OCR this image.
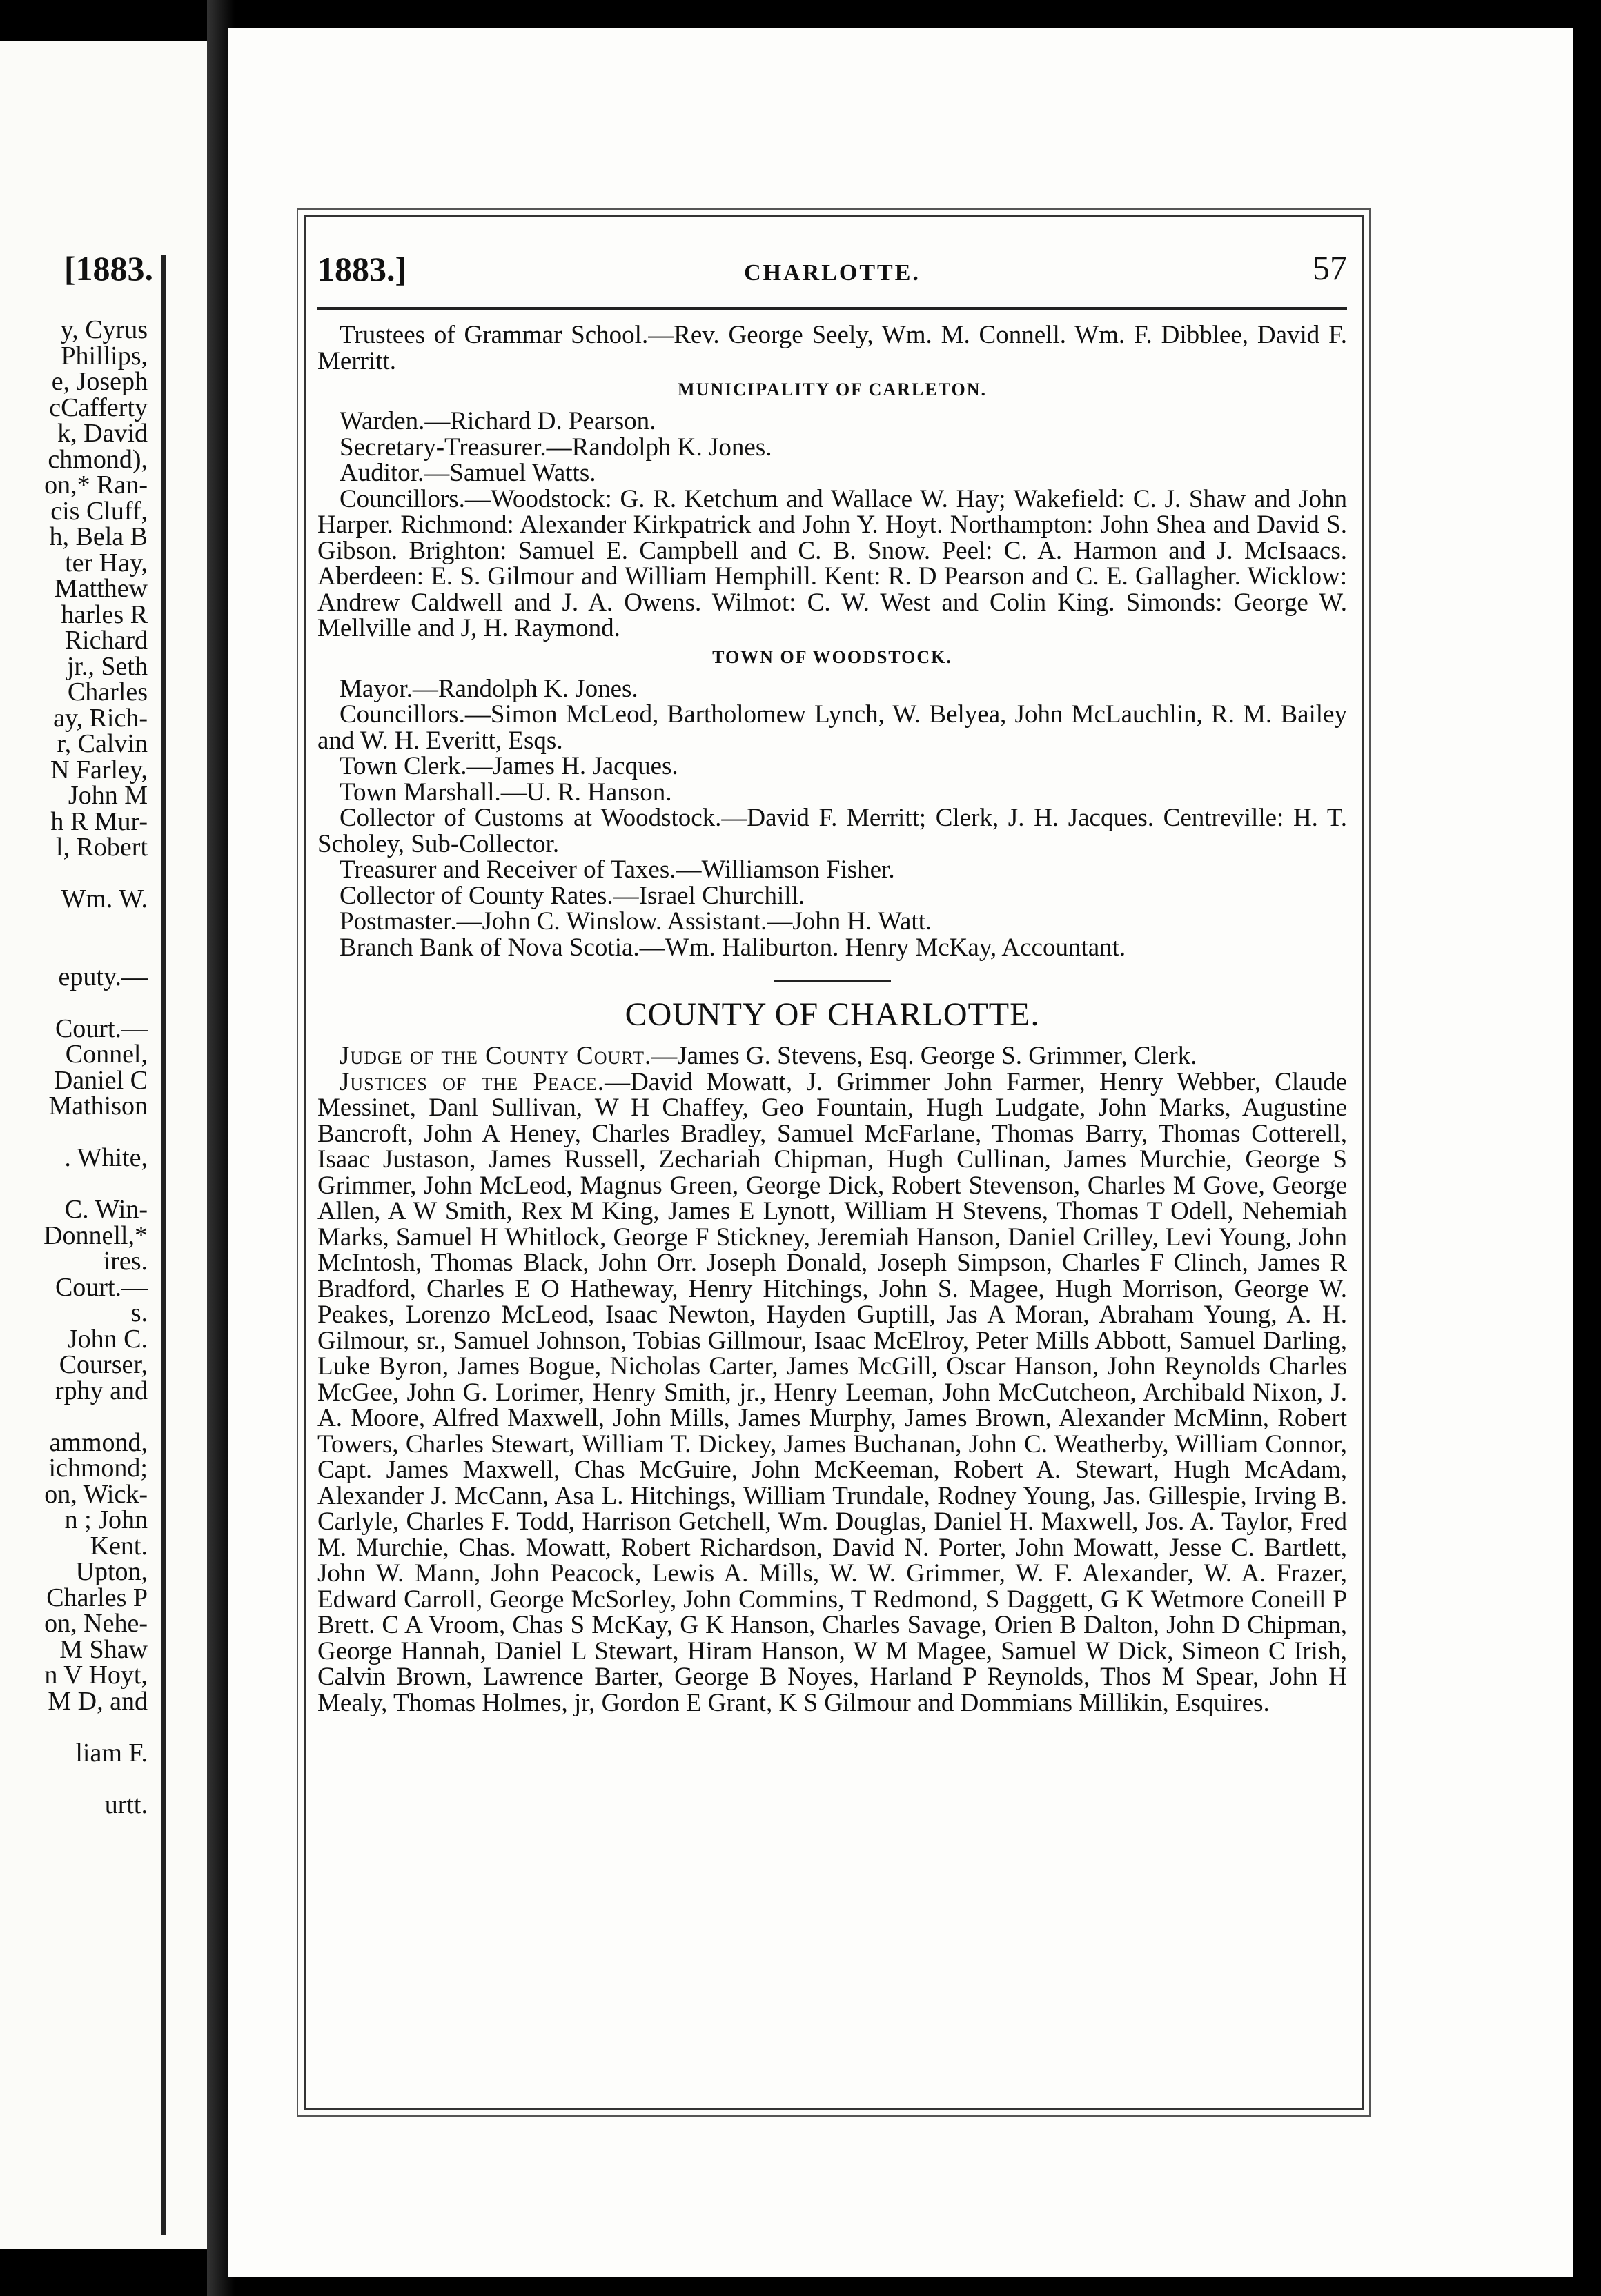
[1883.
y, Cyrus
Phillips,
e, Joseph
cCafferty
k, David
chmond),
on,* Ran-
cis Cluff,
h, Bela B
ter Hay,
Matthew
harles R
Richard
jr., Seth
Charles
ay, Rich-
r, Calvin
N Farley,
John M
h R Mur-
l, Robert
Wm. W.
eputy.—
Court.—
Connel,
Daniel C
Mathison
. White,
C. Win-
Donnell,*
ires.
Court.—
s.
John C.
Courser,
rphy and
ammond,
ichmond;
on, Wick-
n ; John
Kent.
Upton,
Charles P
on, Nehe-
M Shaw
n V Hoyt,
M D, and
liam F.
urtt.
1883.]	CHARLOTTE.	57

Trustees of Grammar School.—Rev. George Seely, Wm. M. Connell. Wm. F. Dibblee, David F. Merritt.

MUNICIPALITY OF CARLETON.

Warden.—Richard D. Pearson.

Secretary-Treasurer.—Randolph K. Jones.

Auditor.—Samuel Watts.

Councillors.—Woodstock: G. R. Ketchum and Wallace W. Hay; Wakefield: C. J. Shaw and John Harper. Richmond: Alexander Kirkpatrick and John Y. Hoyt. Northampton: John Shea and David S. Gibson. Brighton: Samuel E. Campbell and C. B. Snow. Peel: C. A. Harmon and J. McIsaacs. Aberdeen: E. S. Gilmour and William Hemphill. Kent: R. D Pearson and C. E. Gallagher. Wicklow: Andrew Caldwell and J. A. Owens. Wilmot: C. W. West and Colin King. Simonds: George W. Mellville and J, H. Raymond.

TOWN OF WOODSTOCK.

Mayor.—Randolph K. Jones.

Councillors.—Simon McLeod, Bartholomew Lynch, W. Belyea, John McLauchlin, R. M. Bailey and W. H. Everitt, Esqs.

Town Clerk.—James H. Jacques.

Town Marshall.—U. R. Hanson.

Collector of Customs at Woodstock.—David F. Merritt; Clerk, J. H. Jacques. Centreville: H. T. Scholey, Sub-Collector.

Treasurer and Receiver of Taxes.—Williamson Fisher.

Collector of County Rates.—Israel Churchill.

Postmaster.—John C. Winslow. Assistant.—John H. Watt.

Branch Bank of Nova Scotia.—Wm. Haliburton. Henry McKay, Accountant.

COUNTY OF CHARLOTTE.

Judge of the County Court.—James G. Stevens, Esq. George S. Grimmer, Clerk.

Justices of the Peace.—David Mowatt, J. Grimmer John Farmer, Henry Webber, Claude Messinet, Danl Sullivan, W H Chaffey, Geo Fountain, Hugh Ludgate, John Marks, Augustine Bancroft, John A Heney, Charles Bradley, Samuel McFarlane, Thomas Barry, Thomas Cotterell, Isaac Justason, James Russell, Zechariah Chipman, Hugh Cullinan, James Murchie, George S Grimmer, John McLeod, Magnus Green, George Dick, Robert Stevenson, Charles M Gove, George Allen, A W Smith, Rex M King, James E Lynott, William H Stevens, Thomas T Odell, Nehemiah Marks, Samuel H Whitlock, George F Stickney, Jeremiah Hanson, Daniel Crilley, Levi Young, John McIntosh, Thomas Black, John Orr. Joseph Donald, Joseph Simpson, Charles F Clinch, James R Bradford, Charles E O Hatheway, Henry Hitchings, John S. Magee, Hugh Morrison, George W. Peakes, Lorenzo McLeod, Isaac Newton, Hayden Guptill, Jas A Moran, Abraham Young, A. H. Gilmour, sr., Samuel Johnson, Tobias Gillmour, Isaac McElroy, Peter Mills Abbott, Samuel Darling, Luke Byron, James Bogue, Nicholas Carter, James McGill, Oscar Hanson, John Reynolds Charles McGee, John G. Lorimer, Henry Smith, jr., Henry Leeman, John McCutcheon, Archibald Nixon, J. A. Moore, Alfred Maxwell, John Mills, James Murphy, James Brown, Alexander McMinn, Robert Towers, Charles Stewart, William T. Dickey, James Buchanan, John C. Weatherby, William Connor, Capt. James Maxwell, Chas McGuire, John McKeeman, Robert A. Stewart, Hugh McAdam, Alexander J. McCann, Asa L. Hitchings, William Trundale, Rodney Young, Jas. Gillespie, Irving B. Carlyle, Charles F. Todd, Harrison Getchell, Wm. Douglas, Daniel H. Maxwell, Jos. A. Taylor, Fred M. Murchie, Chas. Mowatt, Robert Richardson, David N. Porter, John Mowatt, Jesse C. Bartlett, John W. Mann, John Peacock, Lewis A. Mills, W. W. Grimmer, W. F. Alexander, W. A. Frazer, Edward Carroll, George McSorley, John Commins, T Redmond, S Daggett, G K Wetmore Coneill P Brett. C A Vroom, Chas S McKay, G K Hanson, Charles Savage, Orien B Dalton, John D Chipman, George Hannah, Daniel L Stewart, Hiram Hanson, W M Magee, Samuel W Dick, Simeon C Irish, Calvin Brown, Lawrence Barter, George B Noyes, Harland P Reynolds, Thos M Spear, John H Mealy, Thomas Holmes, jr, Gordon E Grant, K S Gilmour and Dommians Millikin, Esquires.
